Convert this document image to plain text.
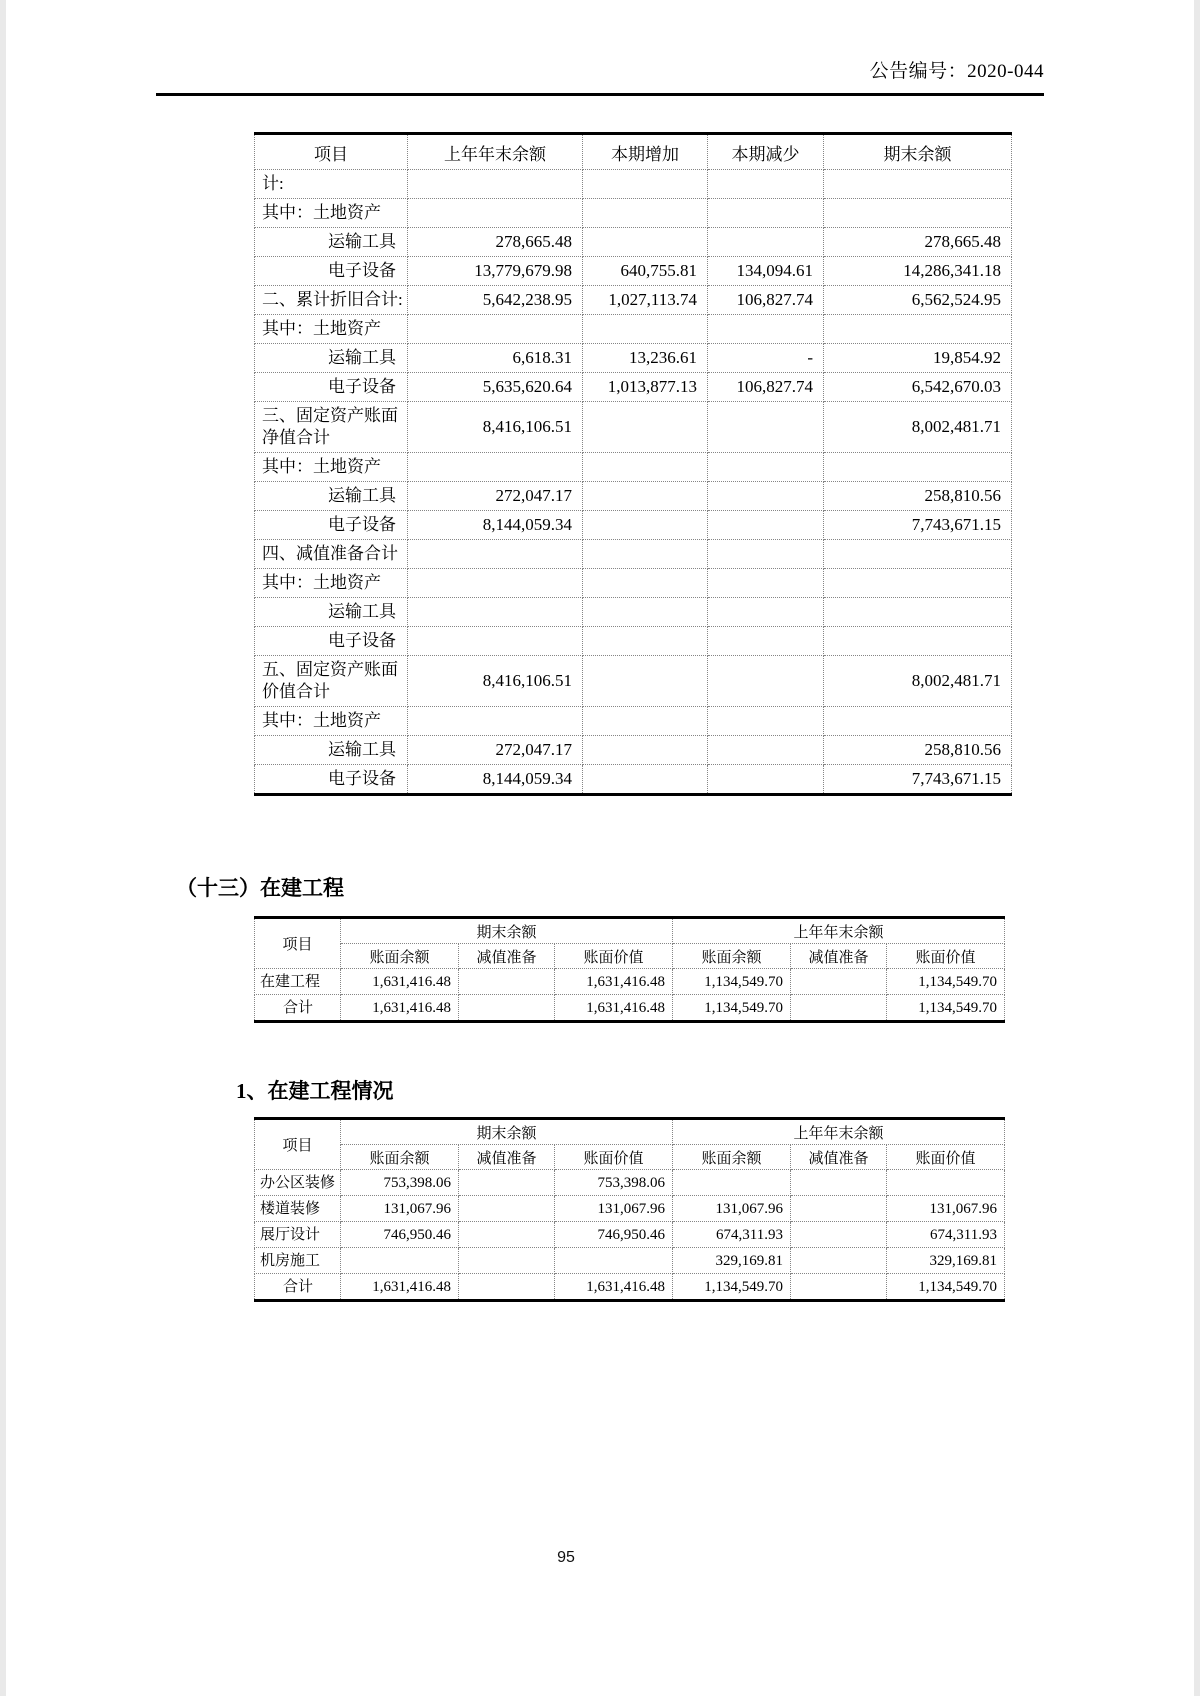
公告编号：2020-044
项目	上年年末余额	本期增加	本期减少	期末余额
计:				
其中：土地资产				
运输工具	278,665.48			278,665.48
电子设备	13,779,679.98	640,755.81	134,094.61	14,286,341.18
二、累计折旧合计:	5,642,238.95	1,027,113.74	106,827.74	6,562,524.95
其中：土地资产				
运输工具	6,618.31	13,236.61	-	19,854.92
电子设备	5,635,620.64	1,013,877.13	106,827.74	6,542,670.03
三、固定资产账面净值合计	8,416,106.51			8,002,481.71
其中：土地资产				
运输工具	272,047.17			258,810.56
电子设备	8,144,059.34			7,743,671.15
四、减值准备合计				
其中：土地资产				
运输工具				
电子设备				
五、固定资产账面价值合计	8,416,106.51			8,002,481.71
其中：土地资产				
运输工具	272,047.17			258,810.56
电子设备	8,144,059.34			7,743,671.15
（十三）在建工程
项目	期末余额			上年年末余额		
	账面余额	减值准备	账面价值	账面余额	减值准备	账面价值
在建工程	1,631,416.48		1,631,416.48	1,134,549.70		1,134,549.70
合计	1,631,416.48		1,631,416.48	1,134,549.70		1,134,549.70
1、在建工程情况
项目	期末余额			上年年末余额		
	账面余额	减值准备	账面价值	账面余额	减值准备	账面价值
办公区装修	753,398.06		753,398.06			
楼道装修	131,067.96		131,067.96	131,067.96		131,067.96
展厅设计	746,950.46		746,950.46	674,311.93		674,311.93
机房施工				329,169.81		329,169.81
合计	1,631,416.48		1,631,416.48	1,134,549.70		1,134,549.70
95
